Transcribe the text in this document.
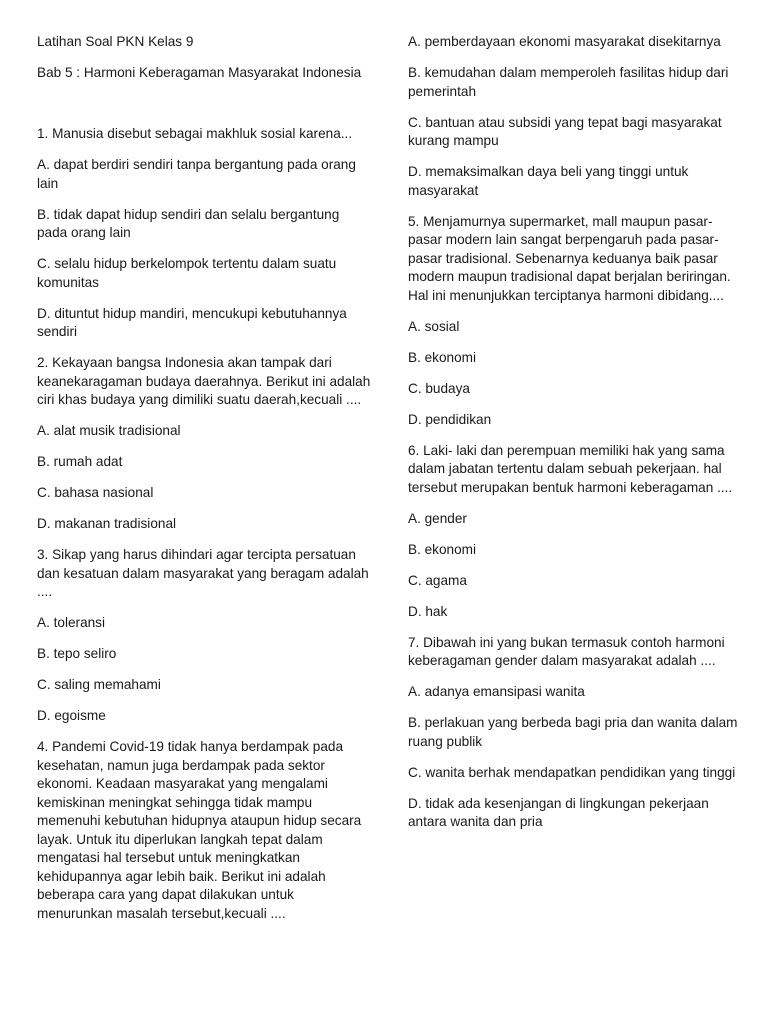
Latihan Soal PKN Kelas 9

Bab 5 : Harmoni Keberagaman Masyarakat Indonesia

1. Manusia disebut sebagai makhluk sosial karena...

A. dapat berdiri sendiri tanpa bergantung pada orang lain

B. tidak dapat hidup sendiri dan selalu bergantung pada orang lain

C. selalu hidup berkelompok tertentu dalam suatu komunitas

D. dituntut hidup mandiri, mencukupi kebutuhannya sendiri

2. Kekayaan bangsa Indonesia akan tampak dari keanekaragaman budaya daerahnya. Berikut ini adalah ciri khas budaya yang dimiliki suatu daerah,kecuali ....

A. alat musik tradisional

B. rumah adat

C. bahasa nasional

D. makanan tradisional

3. Sikap yang harus dihindari agar tercipta persatuan dan kesatuan dalam masyarakat yang beragam adalah ....

A. toleransi

B. tepo seliro

C. saling memahami

D. egoisme

4. Pandemi Covid-19 tidak hanya berdampak pada kesehatan, namun juga berdampak pada sektor ekonomi. Keadaan masyarakat yang mengalami kemiskinan meningkat sehingga tidak mampu memenuhi kebutuhan hidupnya ataupun hidup secara layak. Untuk itu diperlukan langkah tepat dalam mengatasi hal tersebut untuk meningkatkan kehidupannya agar lebih baik. Berikut ini adalah beberapa cara yang dapat dilakukan untuk menurunkan masalah tersebut,kecuali ....

A. pemberdayaan ekonomi masyarakat disekitarnya

B. kemudahan dalam memperoleh fasilitas hidup dari pemerintah

C. bantuan atau subsidi yang tepat bagi masyarakat kurang mampu

D. memaksimalkan daya beli yang tinggi untuk masyarakat

5. Menjamurnya supermarket, mall maupun pasar-pasar modern lain sangat berpengaruh pada pasar-pasar tradisional. Sebenarnya keduanya baik pasar modern maupun tradisional dapat berjalan beriringan. Hal ini menunjukkan terciptanya harmoni dibidang....

A. sosial

B. ekonomi

C. budaya

D. pendidikan

6. Laki- laki dan perempuan memiliki hak yang sama dalam jabatan tertentu dalam sebuah pekerjaan. hal tersebut merupakan bentuk harmoni keberagaman ....

A. gender

B. ekonomi

C. agama

D. hak

7. Dibawah ini yang bukan termasuk contoh harmoni keberagaman gender dalam masyarakat adalah ....

A. adanya emansipasi wanita

B. perlakuan yang berbeda bagi pria dan wanita dalam ruang publik

C. wanita berhak mendapatkan pendidikan yang tinggi

D. tidak ada kesenjangan di lingkungan pekerjaan antara wanita dan pria
